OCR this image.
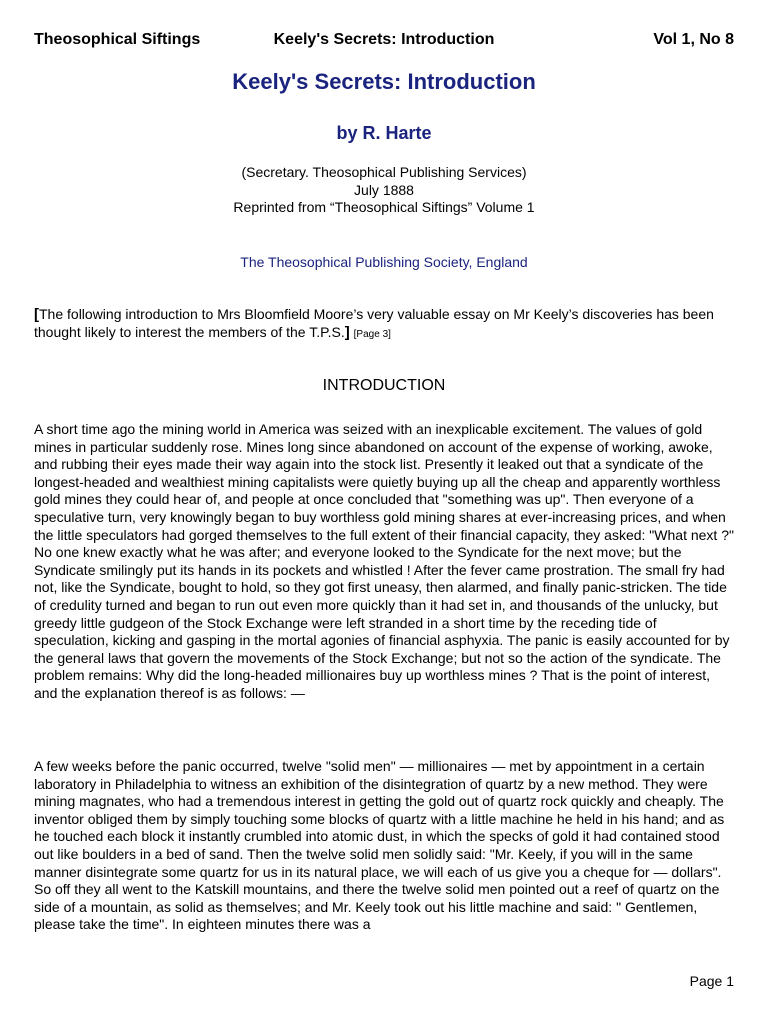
Theosophical Siftings	Keely's Secrets: Introduction	Vol 1, No 8
Keely's Secrets: Introduction
by R. Harte
(Secretary. Theosophical Publishing Services)
July 1888
Reprinted from “Theosophical Siftings” Volume 1
The Theosophical Publishing Society, England
[The following introduction to Mrs Bloomfield Moore’s very valuable essay on Mr Keely’s discoveries has been thought likely to interest the members of the T.P.S.] [Page 3]
INTRODUCTION

A short time ago the mining world in America was seized with an inexplicable excitement. The values of gold mines in particular suddenly rose. Mines long since abandoned on account of the expense of working, awoke, and rubbing their eyes made their way again into the stock list. Presently it leaked out that a syndicate of the longest-headed and wealthiest mining capitalists were quietly buying up all the cheap and apparently worthless gold mines they could hear of, and people at once concluded that "something was up". Then everyone of a speculative turn, very knowingly began to buy worthless gold mining shares at ever-increasing prices, and when the little speculators had gorged themselves to the full extent of their financial capacity, they asked: "What next ?" No one knew exactly what he was after; and everyone looked to the Syndicate for the next move; but the Syndicate smilingly put its hands in its pockets and whistled ! After the fever came prostration. The small fry had not, like the Syndicate, bought to hold, so they got first uneasy, then alarmed, and finally panic-stricken. The tide of credulity turned and began to run out even more quickly than it had set in, and thousands of the unlucky, but greedy little gudgeon of the Stock Exchange were left stranded in a short time by the receding tide of speculation, kicking and gasping in the mortal agonies of financial asphyxia. The panic is easily accounted for by the general laws that govern the movements of the Stock Exchange; but not so the action of the syndicate. The problem remains: Why did the long-headed millionaires buy up worthless mines ? That is the point of interest, and the explanation thereof is as follows: —

A few weeks before the panic occurred, twelve "solid men" — millionaires — met by appointment in a certain laboratory in Philadelphia to witness an exhibition of the disintegration of quartz by a new method. They were mining magnates, who had a tremendous interest in getting the gold out of quartz rock quickly and cheaply. The inventor obliged them by simply touching some blocks of quartz with a little machine he held in his hand; and as he touched each block it instantly crumbled into atomic dust, in which the specks of gold it had contained stood out like boulders in a bed of sand. Then the twelve solid men solidly said: "Mr. Keely, if you will in the same manner disintegrate some quartz for us in its natural place, we will each of us give you a cheque for — dollars". So off they all went to the Katskill mountains, and there the twelve solid men pointed out a reef of quartz on the side of a mountain, as solid as themselves; and Mr. Keely took out his little machine and said: " Gentlemen, please take the time". In eighteen minutes there was a

Page 1
